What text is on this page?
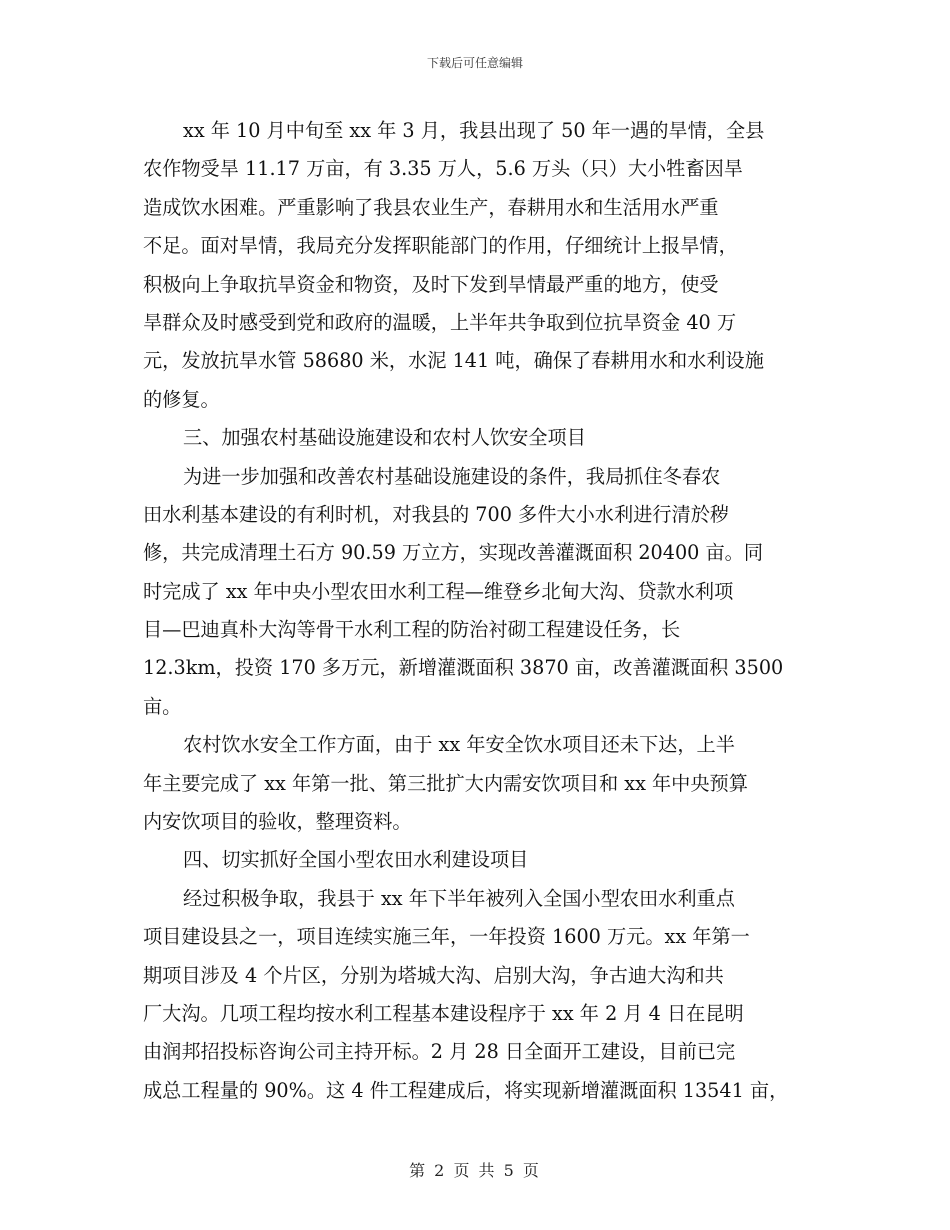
下载后可任意编辑
xx 年 10 月中旬至 xx 年 3 月，我县出现了 50 年一遇的旱情，全县
农作物受旱 11.17 万亩，有 3.35 万人，5.6 万头（只）大小牲畜因旱
造成饮水困难。严重影响了我县农业生产，春耕用水和生活用水严重
不足。面对旱情，我局充分发挥职能部门的作用，仔细统计上报旱情，
积极向上争取抗旱资金和物资，及时下发到旱情最严重的地方，使受
旱群众及时感受到党和政府的温暖，上半年共争取到位抗旱资金 40 万
元，发放抗旱水管 58680 米，水泥 141 吨，确保了春耕用水和水利设施
的修复。
三、加强农村基础设施建设和农村人饮安全项目
为进一步加强和改善农村基础设施建设的条件，我局抓住冬春农
田水利基本建设的有利时机，对我县的 700 多件大小水利进行清於秽
修，共完成清理土石方 90.59 万立方，实现改善灌溉面积 20400 亩。同
时完成了 xx 年中央小型农田水利工程—维登乡北甸大沟、贷款水利项
目—巴迪真朴大沟等骨干水利工程的防治衬砌工程建设任务，长
12.3km，投资 170 多万元，新增灌溉面积 3870 亩，改善灌溉面积 3500
亩。
农村饮水安全工作方面，由于 xx 年安全饮水项目还未下达，上半
年主要完成了 xx 年第一批、第三批扩大内需安饮项目和 xx 年中央预算
内安饮项目的验收，整理资料。
四、切实抓好全国小型农田水利建设项目
经过积极争取，我县于 xx 年下半年被列入全国小型农田水利重点
项目建设县之一，项目连续实施三年，一年投资 1600 万元。xx 年第一
期项目涉及 4 个片区，分别为塔城大沟、启别大沟，争古迪大沟和共
厂大沟。几项工程均按水利工程基本建设程序于 xx 年 2 月 4 日在昆明
由润邦招投标咨询公司主持开标。2 月 28 日全面开工建设，目前已完
成总工程量的 90%。这 4 件工程建成后，将实现新增灌溉面积 13541 亩，
第 2 页 共 5 页
